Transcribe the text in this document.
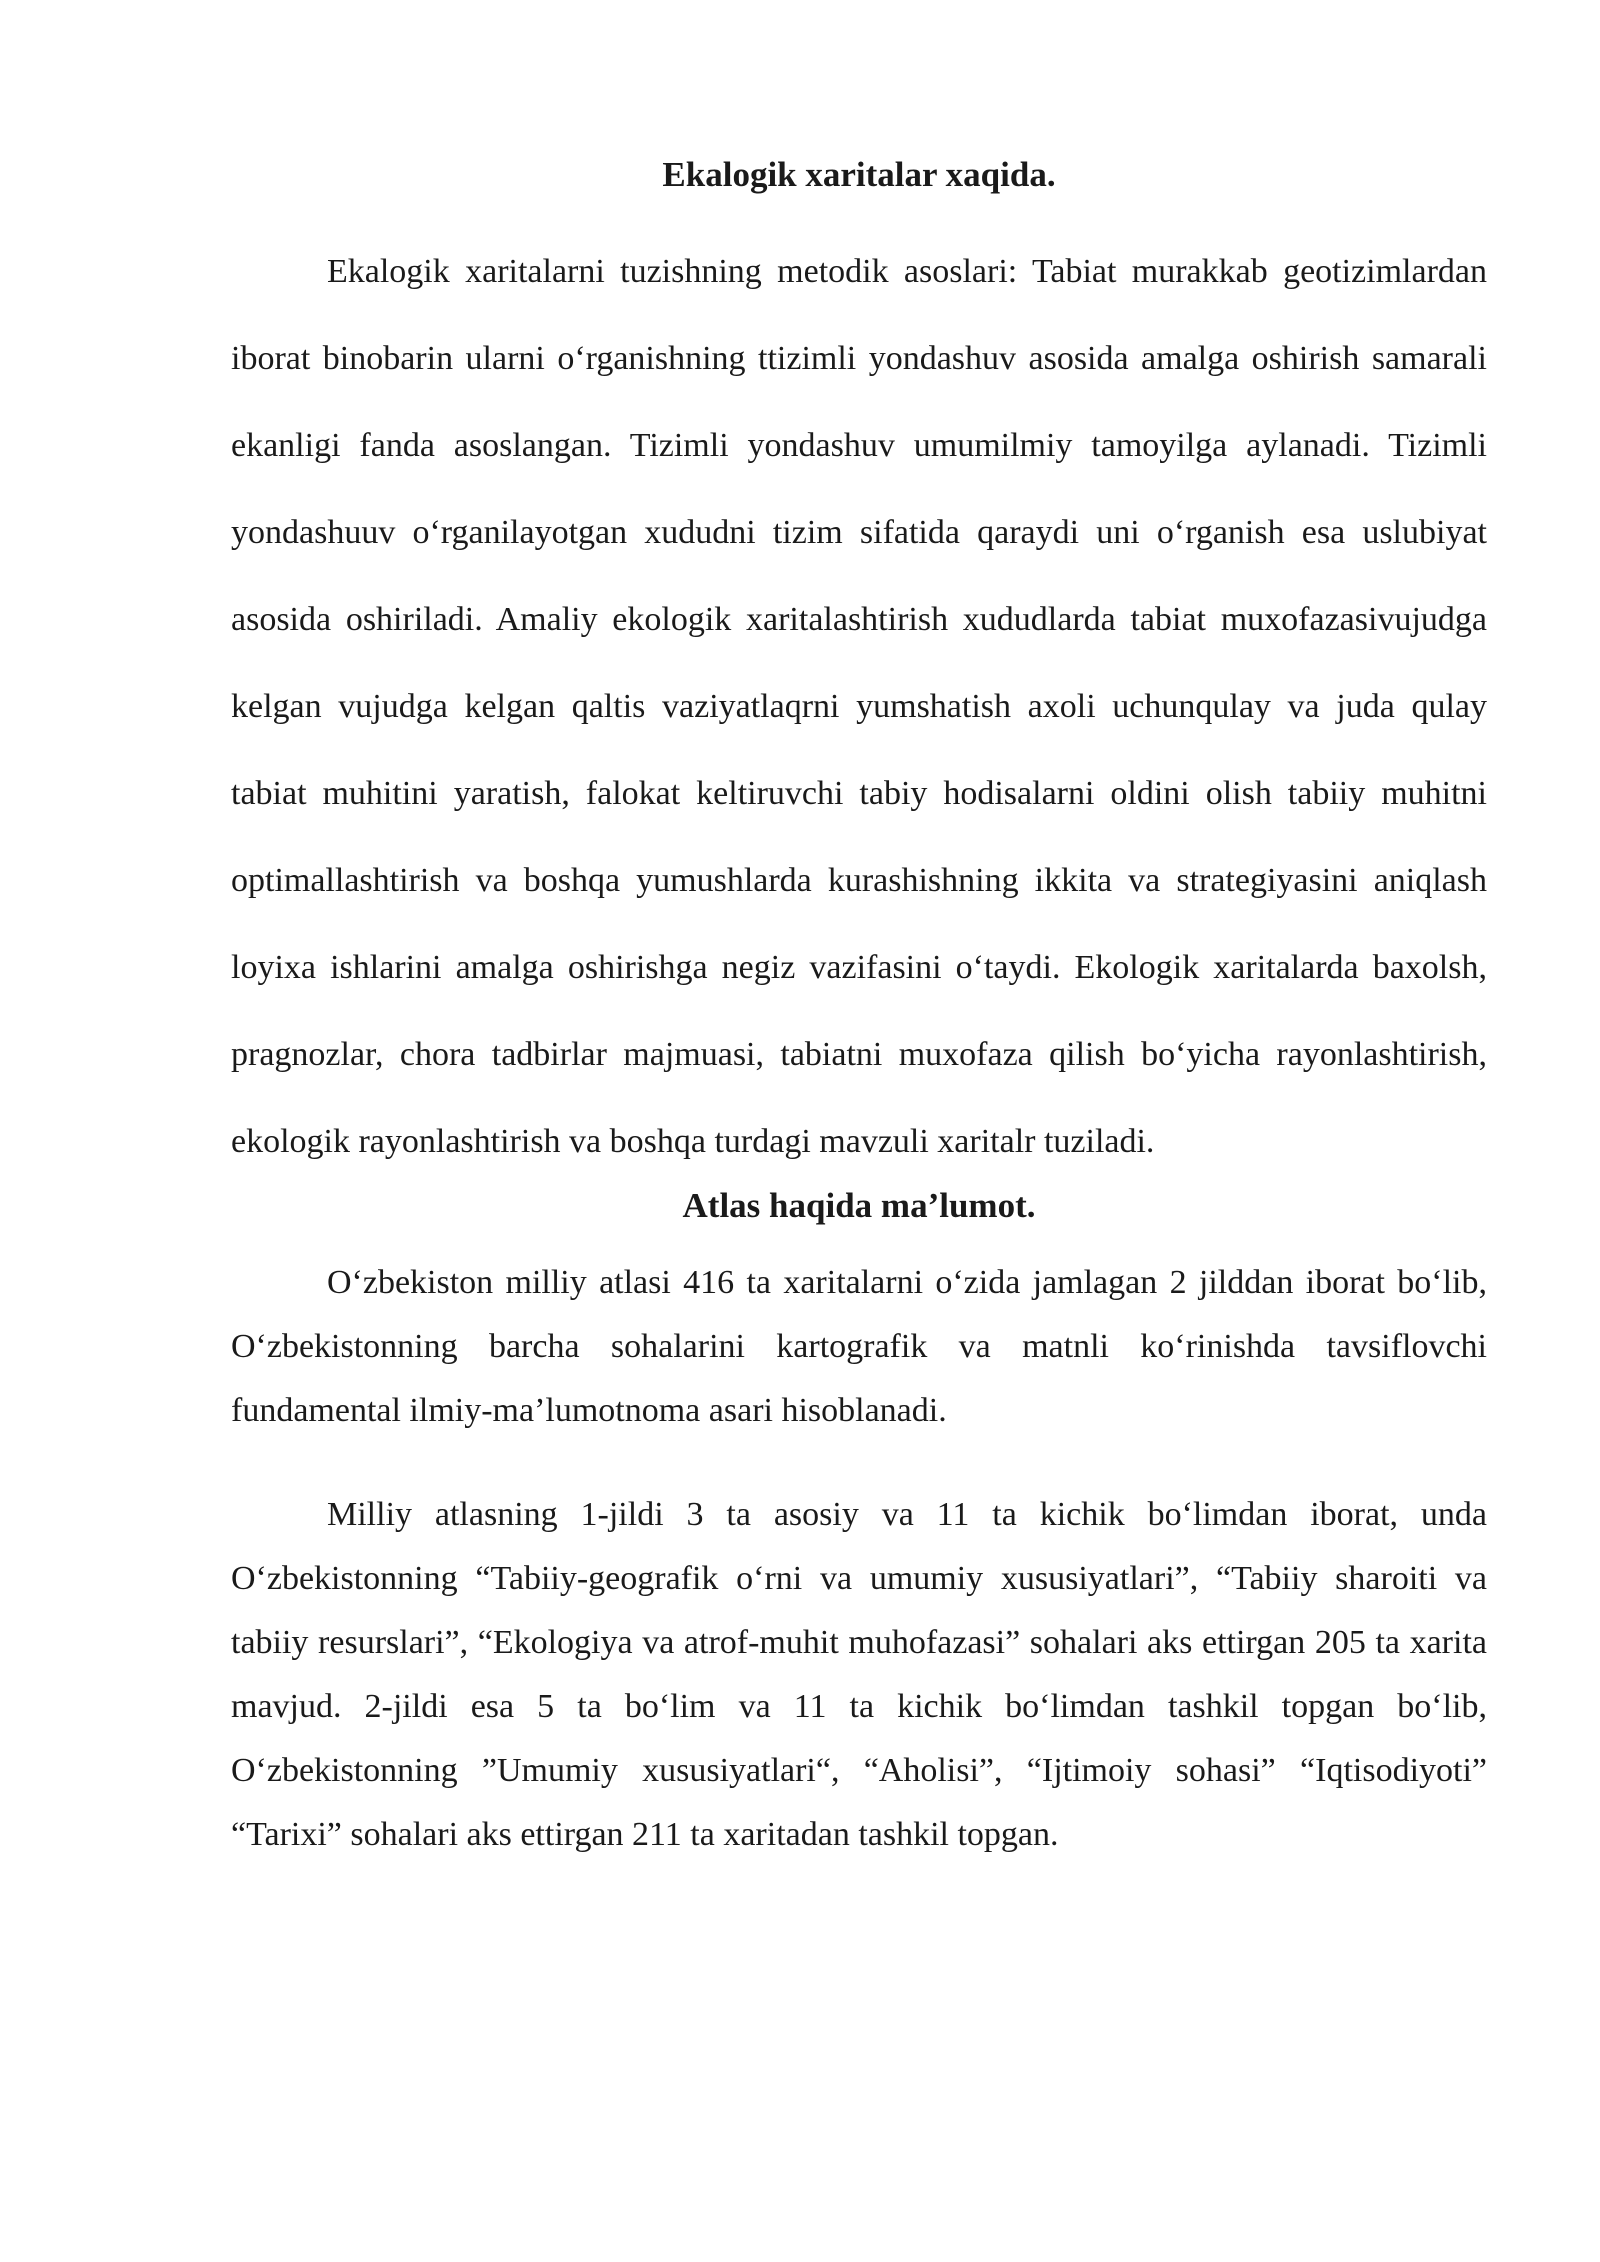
Ekalogik xaritalar xaqida.

Ekalogik xaritalarni tuzishning metodik asoslari: Tabiat murakkab geotizimlardan iborat binobarin ularni o‘rganishning ttizimli yondashuv asosida amalga oshirish samarali ekanligi fanda asoslangan. Tizimli yondashuv umumilmiy tamoyilga aylanadi. Tizimli yondashuuv o‘rganilayotgan xududni tizim sifatida qaraydi uni o‘rganish esa uslubiyat asosida oshiriladi. Amaliy ekologik xaritalashtirish xududlarda tabiat muxofazasivujudga kelgan vujudga kelgan qaltis vaziyatlaqrni yumshatish axoli uchunqulay va juda qulay tabiat muhitini yaratish, falokat keltiruvchi tabiy hodisalarni oldini olish tabiiy muhitni optimallashtirish va boshqa yumushlarda kurashishning ikkita va strategiyasini aniqlash loyixa ishlarini amalga oshirishga negiz vazifasini o‘taydi. Ekologik xaritalarda baxolsh, pragnozlar, chora tadbirlar majmuasi, tabiatni muxofaza qilish bo‘yicha rayonlashtirish, ekologik rayonlashtirish va boshqa turdagi mavzuli xaritalr tuziladi.

Atlas haqida ma’lumot.

O‘zbekiston milliy atlasi 416 ta xaritalarni o‘zida jamlagan 2 jilddan iborat bo‘lib, O‘zbekistonning barcha sohalarini kartografik va matnli ko‘rinishda tavsiflovchi fundamental ilmiy-ma’lumotnoma asari hisoblanadi.

Milliy atlasning 1-jildi 3 ta asosiy va 11 ta kichik bo‘limdan iborat, unda O‘zbekistonning “Tabiiy-geografik o‘rni va umumiy xususiyatlari”, “Tabiiy sharoiti va tabiiy resurslari”, “Ekologiya va atrof-muhit muhofazasi” sohalari aks ettirgan 205 ta xarita mavjud. 2-jildi esa 5 ta bo‘lim va 11 ta kichik bo‘limdan tashkil topgan bo‘lib, O‘zbekistonning ”Umumiy xususiyatlari“, “Aholisi”, “Ijtimoiy sohasi” “Iqtisodiyoti” “Tarixi” sohalari aks ettirgan 211 ta xaritadan tashkil topgan.
